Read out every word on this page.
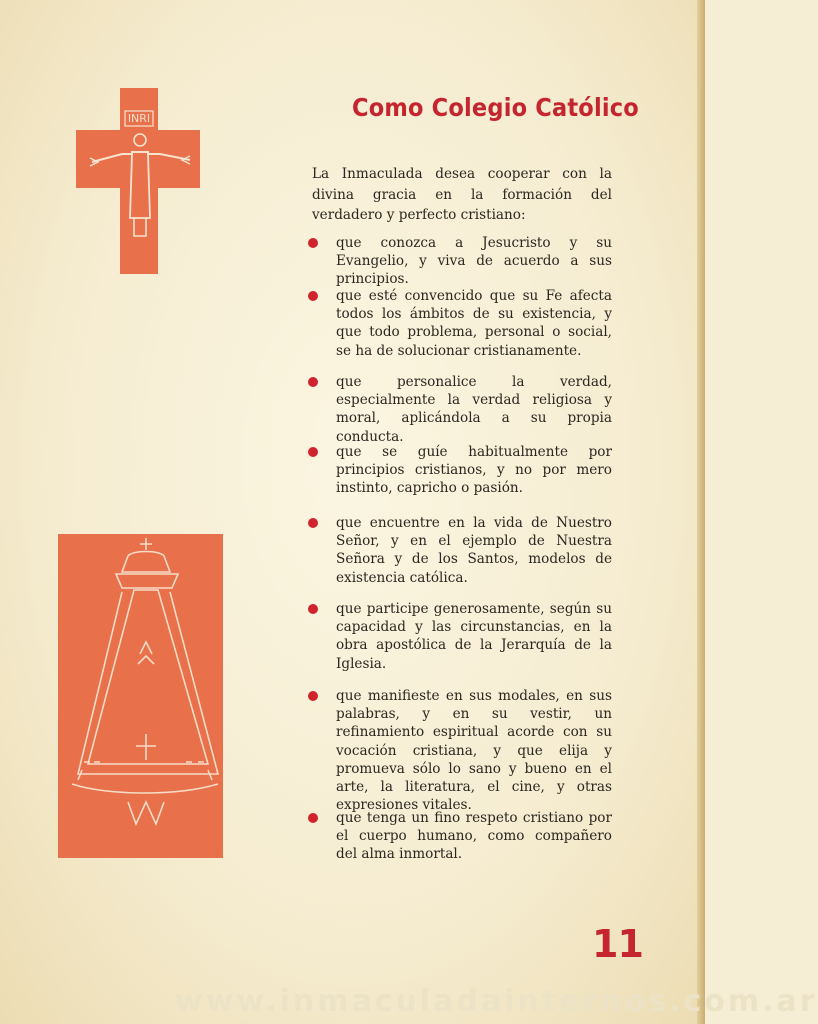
INRI	Como Colegio Católico

La Inmaculada desea cooperar con la divina gracia en la formación del verdadero y perfecto cristiano:

que conozca a Jesucristo y su Evangelio, y viva de acuerdo a sus principios.
que esté convencido que su Fe afecta todos los ámbitos de su existencia, y que todo problema, personal o social, se ha de solucionar cristianamente.
que personalice la verdad, especialmente la verdad religiosa y moral, aplicándola a su propia conducta.
que se guíe habitualmente por principios cristianos, y no por mero instinto, capricho o pasión.
que encuentre en la vida de Nuestro Señor, y en el ejemplo de Nuestra Señora y de los Santos, modelos de existencia católica.
que participe generosamente, según su capacidad y las circunstancias, en la obra apostólica de la Jerarquía de la Iglesia.
que manifieste en sus modales, en sus palabras, y en su vestir, un refinamiento espiritual acorde con su vocación cristiana, y que elija y promueva sólo lo sano y bueno en el arte, la literatura, el cine, y otras expresiones vitales.
que tenga un fino respeto cristiano por el cuerpo humano, como compañero del alma inmortal.
11
www.inmaculadainternos.com.ar
